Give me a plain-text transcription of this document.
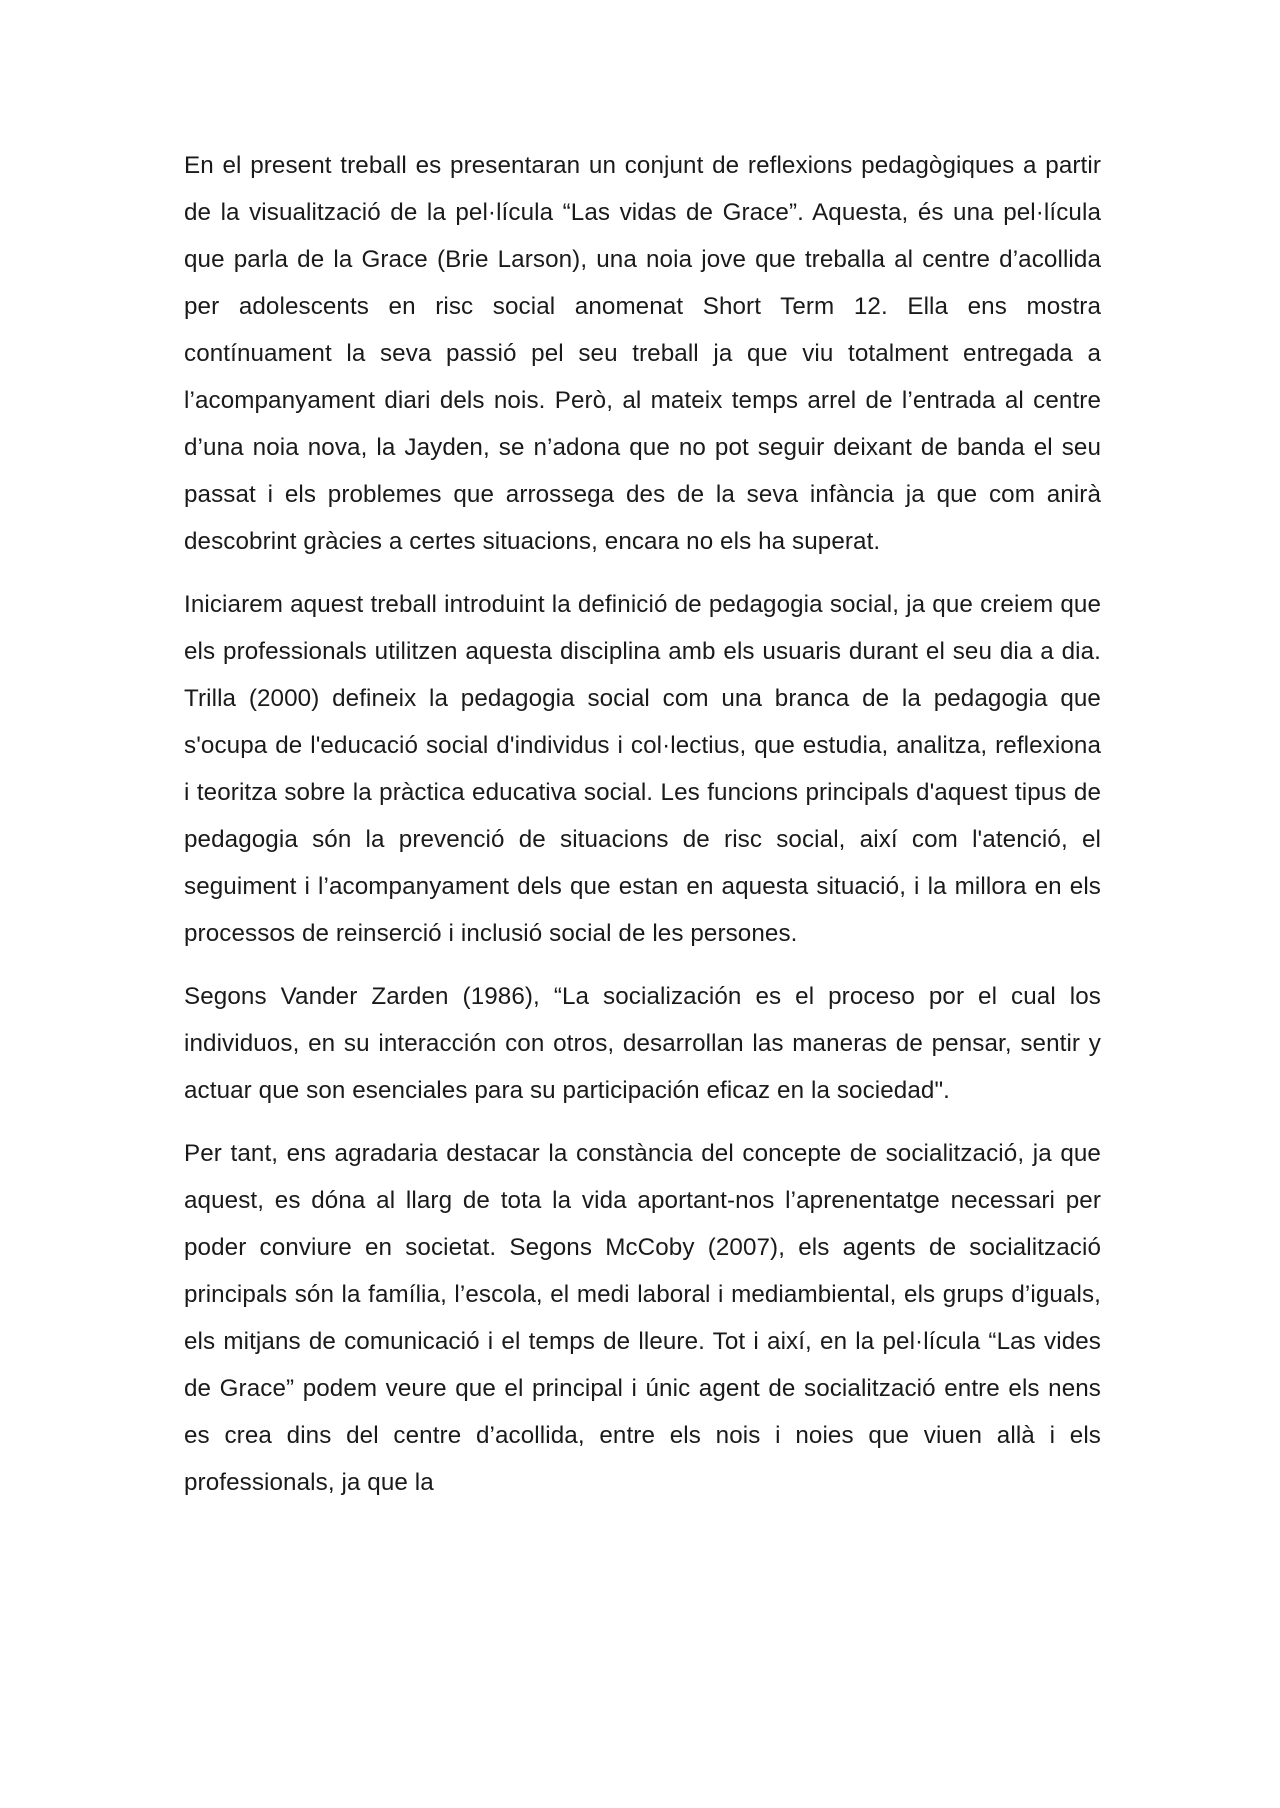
En el present treball es presentaran un conjunt de reflexions pedagògiques a partir de la visualització de la pel·lícula “Las vidas de Grace”. Aquesta, és una pel·lícula que parla de la Grace (Brie Larson), una noia jove que treballa al centre d’acollida per adolescents en risc social anomenat Short Term 12. Ella ens mostra contínuament la seva passió pel seu treball ja que viu totalment entregada a l’acompanyament diari dels nois. Però, al mateix temps arrel de l’entrada al centre d’una noia nova, la Jayden, se n’adona que no pot seguir deixant de banda el seu passat i els problemes que arrossega des de la seva infància ja que com anirà descobrint gràcies a certes situacions, encara no els ha superat.

Iniciarem aquest treball introduint la definició de pedagogia social, ja que creiem que els professionals utilitzen aquesta disciplina amb els usuaris durant el seu dia a dia. Trilla (2000) defineix la pedagogia social com una branca de la pedagogia que s'ocupa de l'educació social d'individus i col·lectius, que estudia, analitza, reflexiona i teoritza sobre la pràctica educativa social. Les funcions principals d'aquest tipus de pedagogia són la prevenció de situacions de risc social, així com l'atenció, el seguiment i l’acompanyament dels que estan en aquesta situació, i la millora en els processos de reinserció i inclusió social de les persones.

Segons Vander Zarden (1986), “La socialización es el proceso por el cual los individuos, en su interacción con otros, desarrollan las maneras de pensar, sentir y actuar que son esenciales para su participación eficaz en la sociedad".

Per tant, ens agradaria destacar la constància del concepte de socialització, ja que aquest, es dóna al llarg de tota la vida aportant-nos l’aprenentatge necessari per poder conviure en societat. Segons McCoby (2007), els agents de socialització principals són la família, l’escola, el medi laboral i mediambiental, els grups d’iguals, els mitjans de comunicació i el temps de lleure. Tot i així, en la pel·lícula “Las vides de Grace” podem veure que el principal i únic agent de socialització entre els nens es crea dins del centre d’acollida, entre els nois i noies que viuen allà i els professionals, ja que la
